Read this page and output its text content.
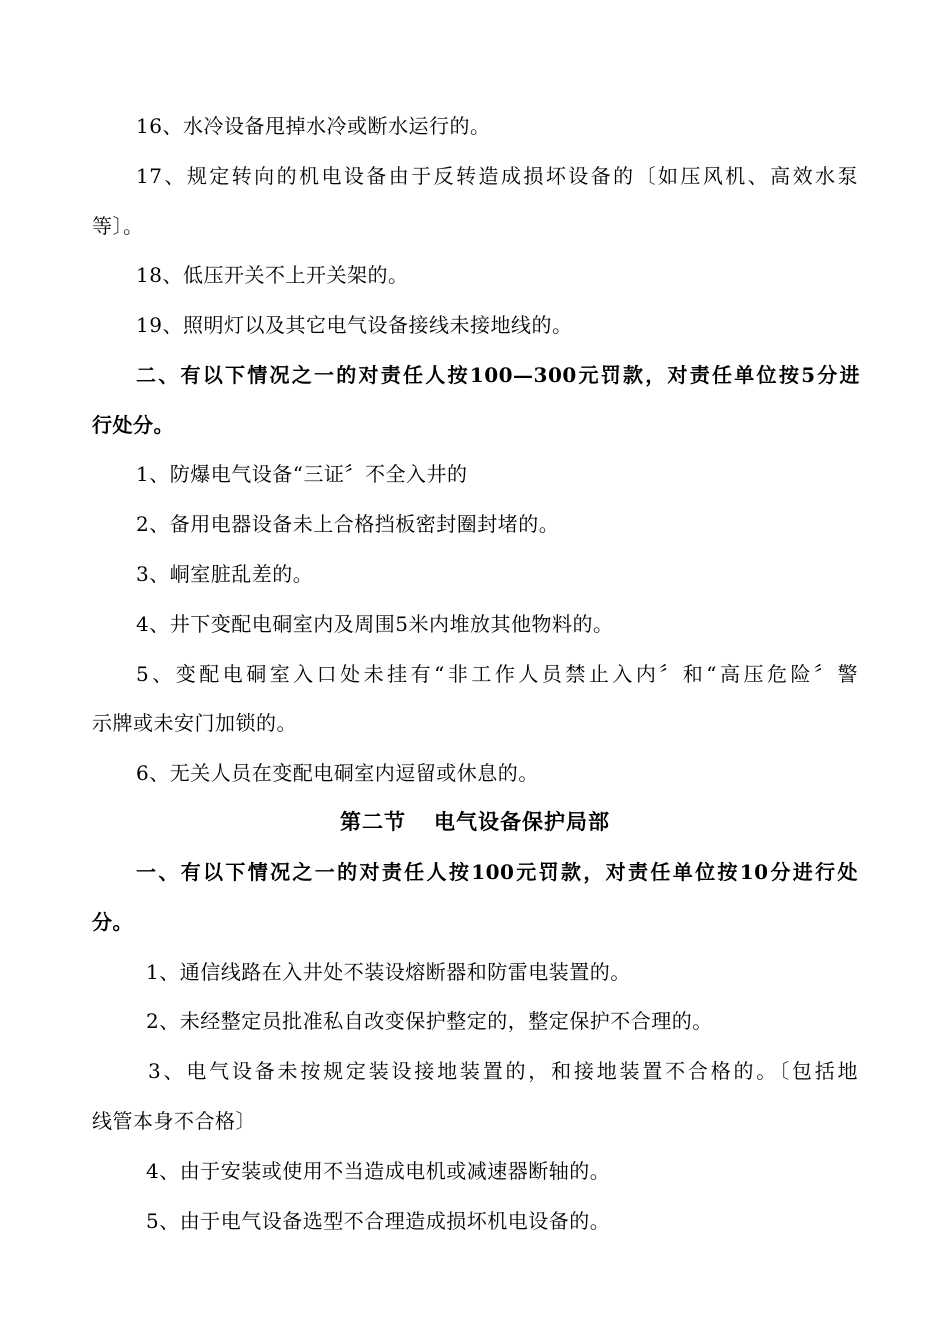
16、水冷设备甩掉水冷或断水运行的。
17、规定转向的机电设备由于反转造成损坏设备的〔如压风机、高效水泵
等〕。
18、低压开关不上开关架的。
19、照明灯以及其它电气设备接线未接地线的。
二、有以下情况之一的对责任人按100—300元罚款，对责任单位按5分进
行处分。
1、防爆电气设备“三证〞不全入井的
2、备用电器设备未上合格挡板密封圈封堵的。
3、峒室脏乱差的。
4、井下变配电硐室内及周围5米内堆放其他物料的。
5、变配电硐室入口处未挂有“非工作人员禁止入内〞和“高压危险〞警
示牌或未安门加锁的。
6、无关人员在变配电硐室内逗留或休息的。
第二节 电气设备保护局部
一、有以下情况之一的对责任人按100元罚款，对责任单位按10分进行处
分。
1、通信线路在入井处不装设熔断器和防雷电装置的。
2、未经整定员批准私自改变保护整定的，整定保护不合理的。
3、电气设备未按规定装设接地装置的，和接地装置不合格的。〔包括地
线管本身不合格〕
4、由于安装或使用不当造成电机或减速器断轴的。
5、由于电气设备选型不合理造成损坏机电设备的。
